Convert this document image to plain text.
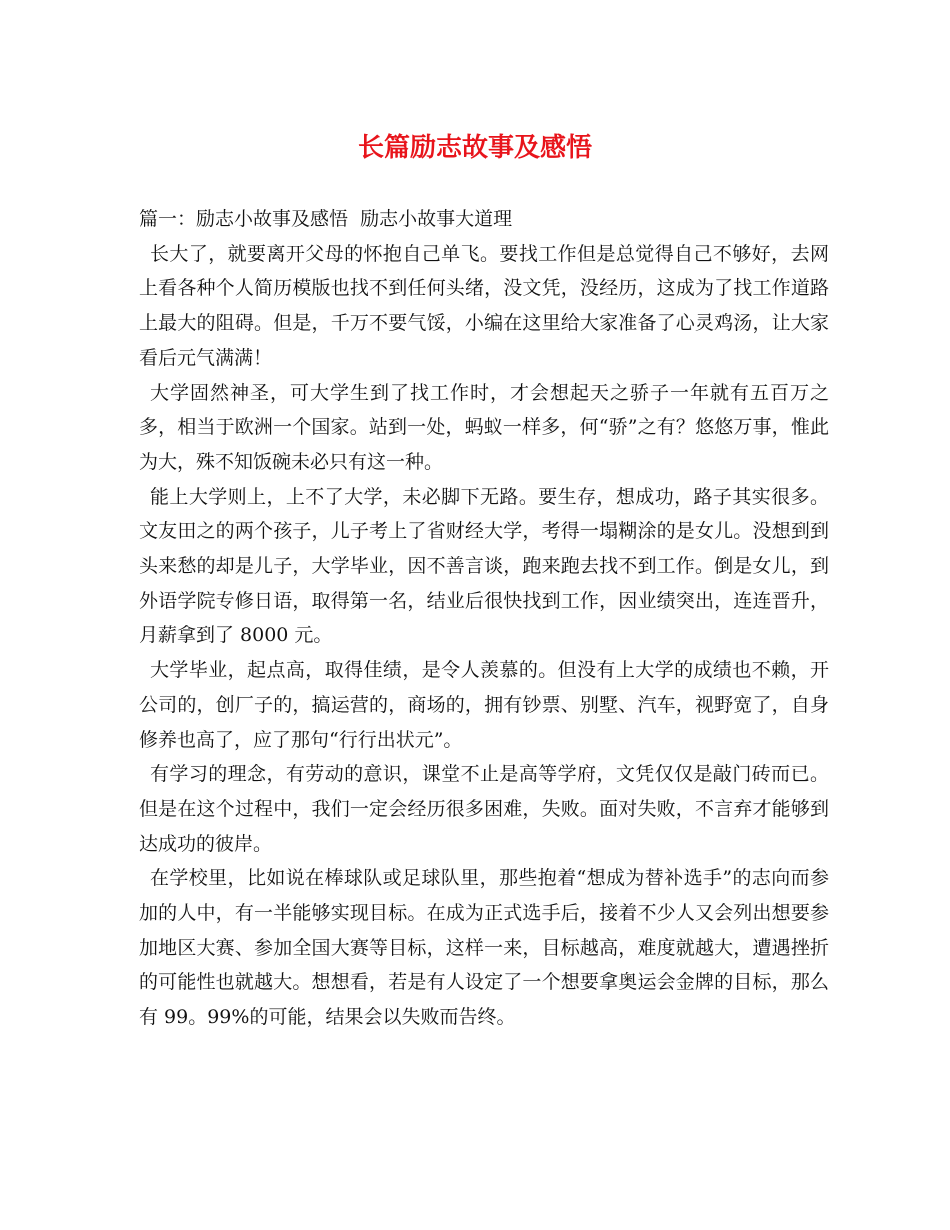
长篇励志故事及感悟
篇一：励志小故事及感悟  励志小故事大道理

长大了，就要离开父母的怀抱自己单飞。要找工作但是总觉得自己不够好，去网上看各种个人简历模版也找不到任何头绪，没文凭，没经历，这成为了找工作道路上最大的阻碍。但是，千万不要气馁，小编在这里给大家准备了心灵鸡汤，让大家看后元气满满！

大学固然神圣，可大学生到了找工作时，才会想起天之骄子一年就有五百万之多，相当于欧洲一个国家。站到一处，蚂蚁一样多，何“骄”之有？悠悠万事，惟此为大，殊不知饭碗未必只有这一种。

能上大学则上，上不了大学，未必脚下无路。要生存，想成功，路子其实很多。 文友田之的两个孩子，儿子考上了省财经大学，考得一塌糊涂的是女儿。没想到到头来愁的却是儿子，大学毕业，因不善言谈，跑来跑去找不到工作。倒是女儿，到外语学院专修日语，取得第一名，结业后很快找到工作，因业绩突出，连连晋升，月薪拿到了 8000 元。

大学毕业，起点高，取得佳绩，是令人羡慕的。但没有上大学的成绩也不赖，开公司的，创厂子的，搞运营的，商场的，拥有钞票、别墅、汽车，视野宽了，自身修养也高了，应了那句“行行出状元”。

有学习的理念，有劳动的意识，课堂不止是高等学府，文凭仅仅是敲门砖而已。但是在这个过程中，我们一定会经历很多困难，失败。面对失败，不言弃才能够到达成功的彼岸。

在学校里，比如说在棒球队或足球队里，那些抱着“想成为替补选手”的志向而参加的人中，有一半能够实现目标。在成为正式选手后，接着不少人又会列出想要参加地区大赛、参加全国大赛等目标，这样一来，目标越高，难度就越大，遭遇挫折的可能性也就越大。想想看，若是有人设定了一个想要拿奥运会金牌的目标，那么有 99。99%的可能，结果会以失败而告终。
